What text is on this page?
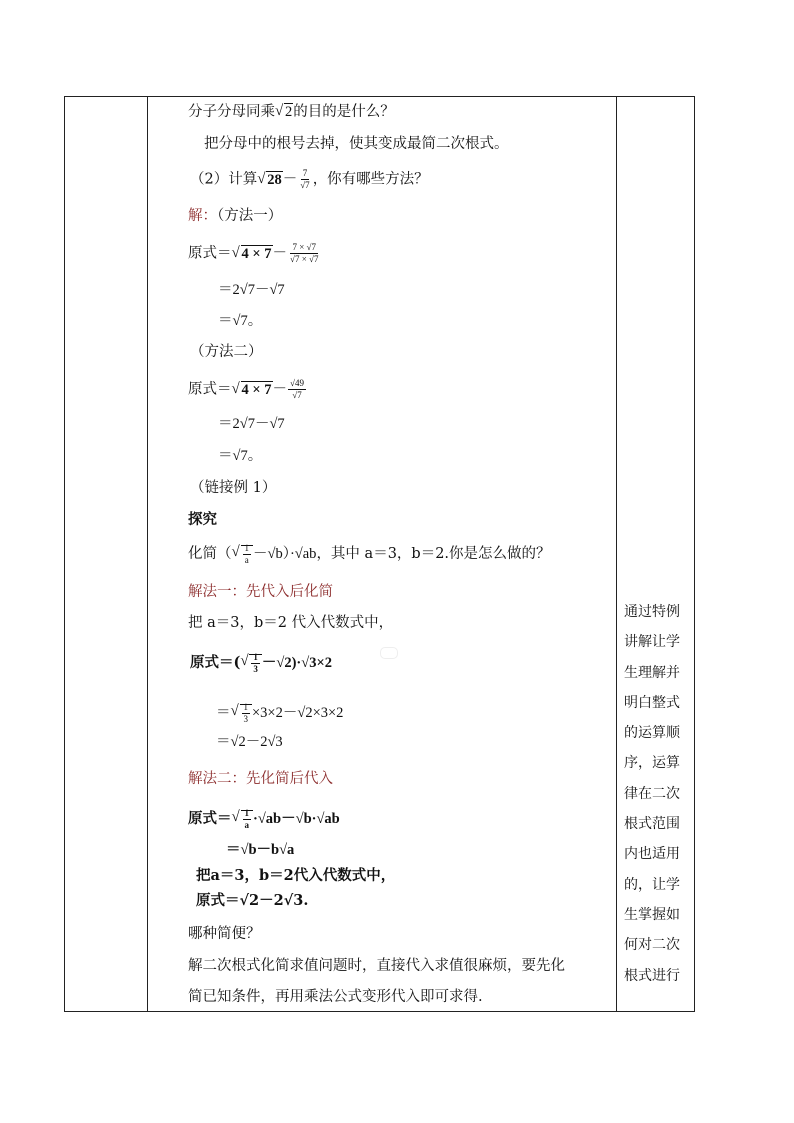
分子分母同乘 √ 2的目的是什么？
把分母中的根号去掉，使其变成最简二次根式。
（2）计算 √ $28- \frac{7}{√7}$ ，你有哪些方法？
解：（方法一）
原式＝ √ $4 \times 7- \frac{7 \times √7}{√7 \times √7}$
＝2√7－√7
＝√7。
（方法二）
原式＝ √ $4 \times 7- \frac{√49}{√7}$
＝2√7－√7
＝√7。
（链接例 1）
探究
化简（ √ $\frac{1}{a} -√b)\cdot√ab$，其中 a＝3，b＝2.你是怎么做的？
解法一：先代入后化简
把 a＝3，b＝2 代入代数式中，
原式＝( √ $\frac{1}{3} -√2)\cdot√3\times 2$
＝ √ $\frac{1}{3} \times 3\times 2-√2\times 3\times 2$
＝√2－2√3
解法二：先化简后代入
原式＝ √ $\frac{1}{a} \cdot√ab-√b\cdot√ab$
＝√b－b√a
把a＝3，b＝2代入代数式中，
原式＝√2－2√3.
哪种简便？
解二次根式化简求值问题时，直接代入求值很麻烦，要先化
简已知条件，再用乘法公式变形代入即可求得.
通过特例
讲解让学
生理解并
明白整式
的运算顺
序，运算
律在二次
根式范围
内也适用
的，让学
生掌握如
何对二次
根式进行
